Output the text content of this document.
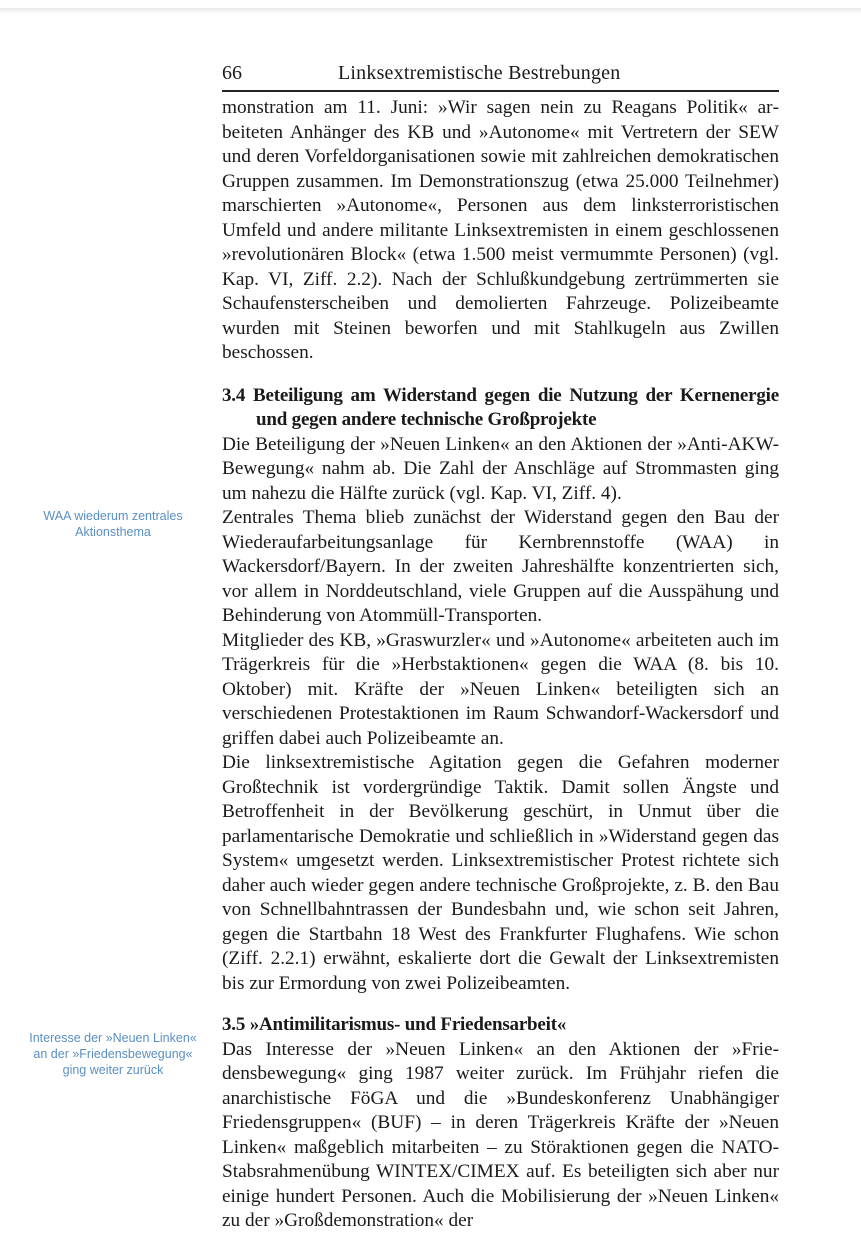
66	Linksextremistische Bestrebungen

monstration am 11. Juni: »Wir sagen nein zu Reagans Politik« arbeiteten Anhänger des KB und »Autonome« mit Vertretern der SEW und deren Vorfeldorganisationen sowie mit zahlreichen demokratischen Gruppen zusammen. Im Demonstrationszug (etwa 25.000 Teilnehmer) marschierten »Autonome«, Personen aus dem linksterroristischen Umfeld und andere militante Linksextremisten in einem geschlossenen »revolutionären Block« (etwa 1.500 meist vermummte Personen) (vgl. Kap. VI, Ziff. 2.2). Nach der Schlußkundgebung zertrümmerten sie Schaufensterscheiben und demolierten Fahrzeuge. Polizeibeamte wurden mit Steinen beworfen und mit Stahlkugeln aus Zwillen beschossen.

3.4 Beteiligung am Widerstand gegen die Nutzung der Kernenergie und gegen andere technische Großprojekte

Die Beteiligung der »Neuen Linken« an den Aktionen der »Anti-AKW-Bewegung« nahm ab. Die Zahl der Anschläge auf Strommasten ging um nahezu die Hälfte zurück (vgl. Kap. VI, Ziff. 4).

Zentrales Thema blieb zunächst der Widerstand gegen den Bau der Wiederaufarbeitungsanlage für Kernbrennstoffe (WAA) in Wackersdorf/Bayern. In der zweiten Jahreshälfte konzentrierten sich, vor allem in Norddeutschland, viele Gruppen auf die Ausspähung und Behinderung von Atommüll-Transporten.

Mitglieder des KB, »Graswurzler« und »Autonome« arbeiteten auch im Trägerkreis für die »Herbstaktionen« gegen die WAA (8. bis 10. Oktober) mit. Kräfte der »Neuen Linken« beteiligten sich an verschiedenen Protestaktionen im Raum Schwandorf-Wackersdorf und griffen dabei auch Polizeibeamte an.

Die linksextremistische Agitation gegen die Gefahren moderner Großtechnik ist vordergründige Taktik. Damit sollen Ängste und Betroffenheit in der Bevölkerung geschürt, in Unmut über die parlamentarische Demokratie und schließlich in »Widerstand gegen das System« umgesetzt werden. Linksextremistischer Protest richtete sich daher auch wieder gegen andere technische Großprojekte, z. B. den Bau von Schnellbahntrassen der Bundesbahn und, wie schon seit Jahren, gegen die Startbahn 18 West des Frankfurter Flughafens. Wie schon (Ziff. 2.2.1) erwähnt, eskalierte dort die Gewalt der Linksextremisten bis zur Ermordung von zwei Polizeibeamten.

3.5 »Antimilitarismus- und Friedensarbeit«

Das Interesse der »Neuen Linken« an den Aktionen der »Friedensbewegung« ging 1987 weiter zurück. Im Frühjahr riefen die anarchistische FöGA und die »Bundeskonferenz Unabhängiger Friedensgruppen« (BUF) – in deren Trägerkreis Kräfte der »Neuen Linken« maßgeblich mitarbeiten – zu Störaktionen gegen die NATO-Stabsrahmenübung WINTEX/CIMEX auf. Es beteiligten sich aber nur einige hundert Personen. Auch die Mobilisierung der »Neuen Linken« zu der »Großdemonstration« der

WAA wiederum zentrales Aktionsthema
Interesse der »Neuen Linken« an der »Friedensbewegung« ging weiter zurück
